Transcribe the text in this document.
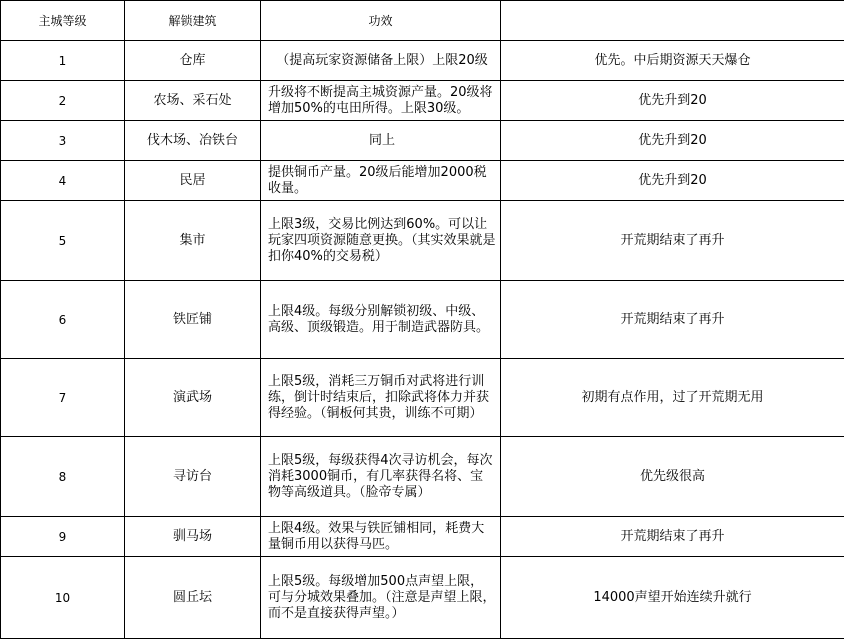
主城等级	解锁建筑	功效	
1	仓库	（提高玩家资源储备上限）上限20级	优先。中后期资源天天爆仓
2	农场、采石处	升级将不断提高主城资源产量。20级将增加50%的屯田所得。上限30级。	优先升到20
3	伐木场、冶铁台	同上	优先升到20
4	民居	提供铜币产量。20级后能增加2000税收量。	优先升到20
5	集市	上限3级，交易比例达到60%。可以让玩家四项资源随意更换。（其实效果就是扣你40%的交易税）	开荒期结束了再升
6	铁匠铺	上限4级。每级分别解锁初级、中级、高级、顶级锻造。用于制造武器防具。	开荒期结束了再升
7	演武场	上限5级，消耗三万铜币对武将进行训练，倒计时结束后，扣除武将体力并获得经验。（铜板何其贵，训练不可期）	初期有点作用，过了开荒期无用
8	寻访台	上限5级，每级获得4次寻访机会，每次消耗3000铜币，有几率获得名将、宝物等高级道具。（脸帝专属）	优先级很高
9	驯马场	上限4级。效果与铁匠铺相同，耗费大量铜币用以获得马匹。	开荒期结束了再升
10	圆丘坛	上限5级。每级增加500点声望上限，可与分城效果叠加。（注意是声望上限，而不是直接获得声望。）	14000声望开始连续升就行
